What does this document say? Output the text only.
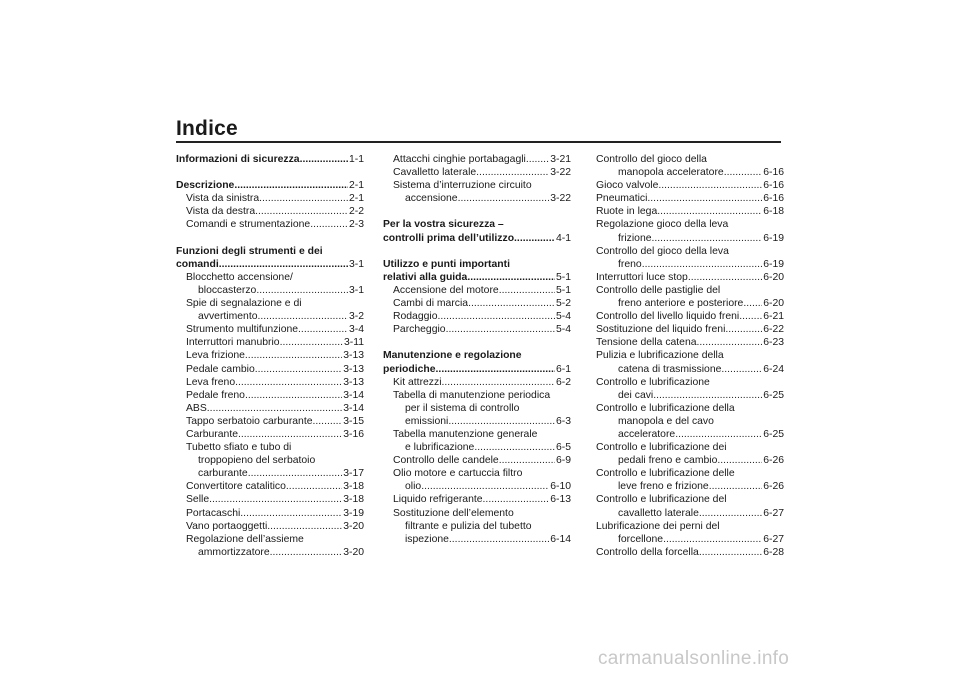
Indice
Informazioni di sicurezza .....	1-1
Descrizione .....	2-1
Vista da sinistra .....	2-1
Vista da destra .....	2-2
Comandi e strumentazione .....	2-3
Funzioni degli strumenti e dei
comandi .....	3-1
Blocchetto accensione/
bloccasterzo .....	3-1
Spie di segnalazione e di
avvertimento .....	3-2
Strumento multifunzione .....	3-4
Interruttori manubrio .....	3-11
Leva frizione .....	3-13
Pedale cambio .....	3-13
Leva freno .....	3-13
Pedale freno .....	3-14
ABS .....	3-14
Tappo serbatoio carburante .....	3-15
Carburante .....	3-16
Tubetto sfiato e tubo di
troppopieno del serbatoio
carburante .....	3-17
Convertitore catalitico .....	3-18
Selle .....	3-18
Portacaschi .....	3-19
Vano portaoggetti .....	3-20
Regolazione dell’assieme
ammortizzatore .....	3-20
Attacchi cinghie portabagagli ..... 3-21
Cavalletto laterale .....	3-22
Sistema d’interruzione circuito
accensione .....	3-22
Per la vostra sicurezza –
controlli prima dell’utilizzo .....	4-1
Utilizzo e punti importanti
relativi alla guida .....	5-1
Accensione del motore .....	5-1
Cambi di marcia .....	5-2
Rodaggio .....	5-4
Parcheggio .....	5-4
Manutenzione e regolazione
periodiche .....	6-1
Kit attrezzi .....	6-2
Tabella di manutenzione periodica
per il sistema di controllo
emissioni .....	6-3
Tabella manutenzione generale
e lubrificazione .....	6-5
Controllo delle candele .....	6-9
Olio motore e cartuccia filtro
olio .....	6-10
Liquido refrigerante .....	6-13
Sostituzione dell’elemento
filtrante e pulizia del tubetto
ispezione .....	6-14
Controllo del gioco della
manopola acceleratore .....	6-16
Gioco valvole .....	6-16
Pneumatici .....	6-16
Ruote in lega .....	6-18
Regolazione gioco della leva
frizione .....	6-19
Controllo del gioco della leva
freno .....	6-19
Interruttori luce stop .....	6-20
Controllo delle pastiglie del
freno anteriore e posteriore ..... 6-20
Controllo del livello liquido freni ..... 6-21
Sostituzione del liquido freni .....	6-22
Tensione della catena .....	6-23
Pulizia e lubrificazione della
catena di trasmissione .....	6-24
Controllo e lubrificazione
dei cavi .....	6-25
Controllo e lubrificazione della
manopola e del cavo
acceleratore .....	6-25
Controllo e lubrificazione dei
pedali freno e cambio .....	6-26
Controllo e lubrificazione delle
leve freno e frizione .....	6-26
Controllo e lubrificazione del
cavalletto laterale .....	6-27
Lubrificazione dei perni del
forcellone .....	6-27
Controllo della forcella .....	6-28
carmanualsonline.info
